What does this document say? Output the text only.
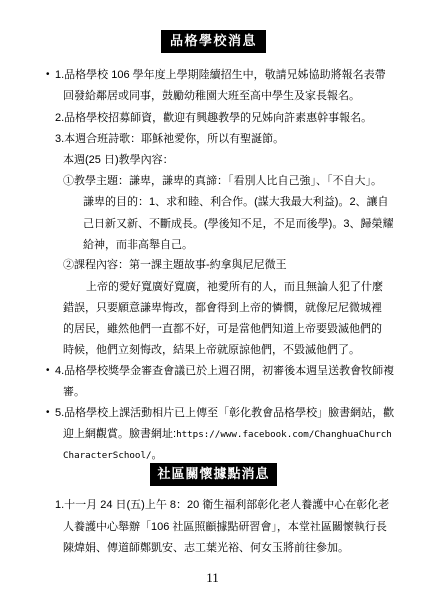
品格學校消息
• 1.品格學校 106 學年度上學期陸續招生中，敬請兄姊協助將報名表帶
回發給鄰居或同事，鼓勵幼稚園大班至高中學生及家長報名。
2.品格學校招募師資，歡迎有興趣教學的兄姊向許素惠幹事報名。
3.本週合班詩歌：耶穌祂愛你，所以有聖誕節。
本週(25 日)教學內容：
①教學主題：謙卑，謙卑的真諦：「看別人比自己強」、「不自大」。
謙卑的目的：1、求和睦、利合作。(謀大我最大利益)。2、讓自
己日新又新、不斷成長。(學後知不足，不足而後學)。3、歸榮耀
給神，而非高舉自己。
②課程內容：第一課主題故事-約拿與尼尼微王
上帝的愛好寬廣好寬廣，祂愛所有的人，而且無論人犯了什麼
錯誤，只要願意謙卑悔改，都會得到上帝的憐憫，就像尼尼微城裡
的居民，雖然他們一直都不好，可是當他們知道上帝要毀滅他們的
時候，他們立刻悔改，結果上帝就原諒他們，不毀滅他們了。
• 4.品格學校獎學金審查會議已於上週召開，初審後本週呈送教會牧師複
審。
• 5.品格學校上課活動相片已上傳至「彰化教會品格學校」臉書網站，歡
迎上網觀賞。臉書網址:https://www.facebook.com/ChanghuaChurch
CharacterSchool/。
社區關懷據點消息
1.十一月 24 日(五)上午 8：20 衛生福利部彰化老人養護中心在彰化老
人養護中心舉辦「106 社區照顧據點研習會」，本堂社區關懷執行長
陳煒娟、傳道師鄭凱安、志工葉光裕、何女玉將前往參加。
11
